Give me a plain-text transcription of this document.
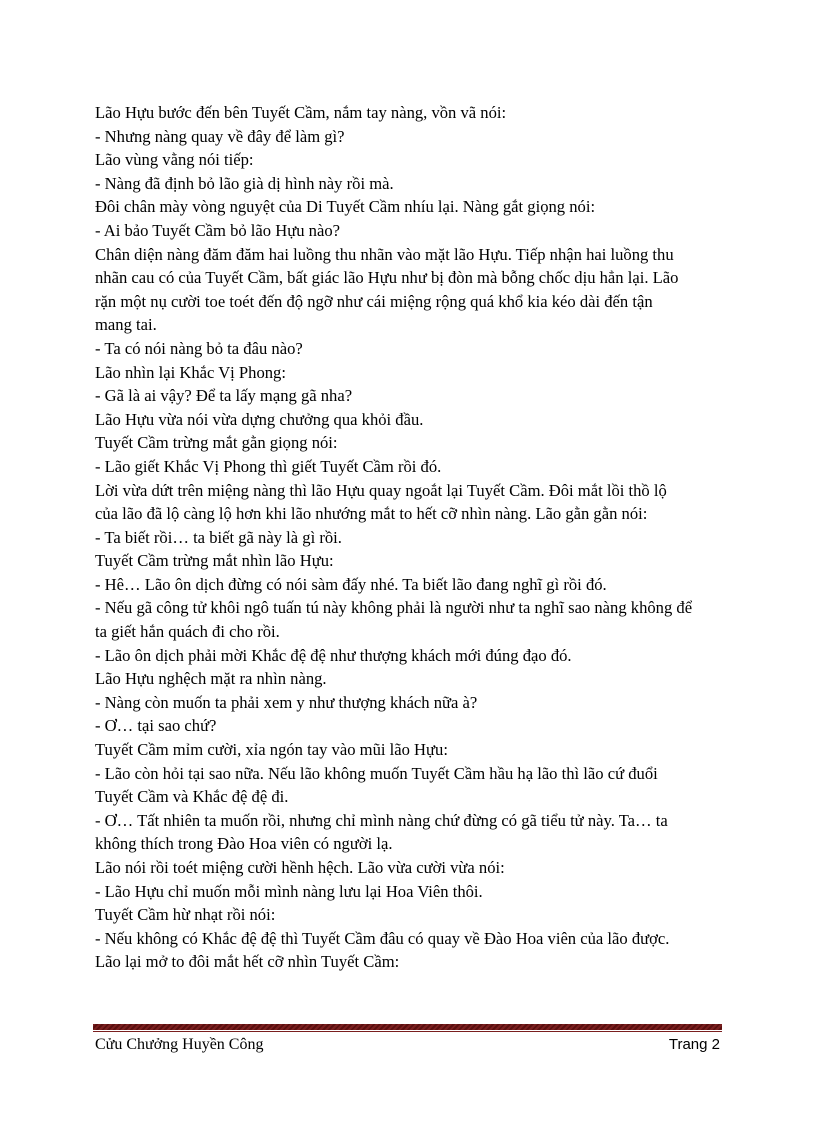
Lão Hựu bước đến bên Tuyết Cầm, nắm tay nàng, vồn vã nói:

- Nhưng nàng quay về đây để làm gì?

Lão vùng vằng nói tiếp:

- Nàng đã định bỏ lão già dị hình này rồi mà.

Đôi chân mày vòng nguyệt của Di Tuyết Cầm nhíu lại. Nàng gắt giọng nói:

- Ai bảo Tuyết Cầm bỏ lão Hựu nào?

Chân diện nàng đăm đăm hai luồng thu nhãn vào mặt lão Hựu. Tiếp nhận hai luồng thu

nhãn cau có của Tuyết Cầm, bất giác lão Hựu như bị đòn mà bỗng chốc dịu hẳn lại. Lão

rặn một nụ cười toe toét đến độ ngỡ như cái miệng rộng quá khổ kia kéo dài đến tận

mang tai.

- Ta có nói nàng bỏ ta đâu nào?

Lão nhìn lại Khắc Vị Phong:

- Gã là ai vậy? Để ta lấy mạng gã nha?

Lão Hựu vừa nói vừa dựng chưởng qua khỏi đầu.

Tuyết Cầm trừng mắt gằn giọng nói:

- Lão giết Khắc Vị Phong thì giết Tuyết Cầm rồi đó.

Lời vừa dứt trên miệng nàng thì lão Hựu quay ngoắt lại Tuyết Cầm. Đôi mắt lồi thồ lộ

của lão đã lộ càng lộ hơn khi lão nhướng mắt to hết cỡ nhìn nàng. Lão gằn gằn nói:

- Ta biết rồi… ta biết gã này là gì rồi.

Tuyết Cầm trừng mắt nhìn lão Hựu:

- Hê… Lão ôn dịch đừng có nói sàm đấy nhé. Ta biết lão đang nghĩ gì rồi đó.

- Nếu gã công tử khôi ngô tuấn tú này không phải là người như ta nghĩ sao nàng không để

ta giết hắn quách đi cho rồi.

- Lão ôn dịch phải mời Khắc đệ đệ như thượng khách mới đúng đạo đó.

Lão Hựu nghệch mặt ra nhìn nàng.

- Nàng còn muốn ta phải xem y như thượng khách nữa à?

- Ơ… tại sao chứ?

Tuyết Cầm mỉm cười, xỉa ngón tay vào mũi lão Hựu:

- Lão còn hỏi tại sao nữa. Nếu lão không muốn Tuyết Cầm hầu hạ lão thì lão cứ đuổi

Tuyết Cầm và Khắc đệ đệ đi.

- Ơ… Tất nhiên ta muốn rồi, nhưng chỉ mình nàng chứ đừng có gã tiểu tử này. Ta… ta

không thích trong Đào Hoa viên có người lạ.

Lão nói rồi toét miệng cười hềnh hệch. Lão vừa cười vừa nói:

- Lão Hựu chỉ muốn mỗi mình nàng lưu lại Hoa Viên thôi.

Tuyết Cầm hừ nhạt rồi nói:

- Nếu không có Khắc đệ đệ thì Tuyết Cầm đâu có quay về Đào Hoa viên của lão được.

Lão lại mở to đôi mắt hết cỡ nhìn Tuyết Cầm:

Cửu Chưởng Huyền Công	Trang 2
